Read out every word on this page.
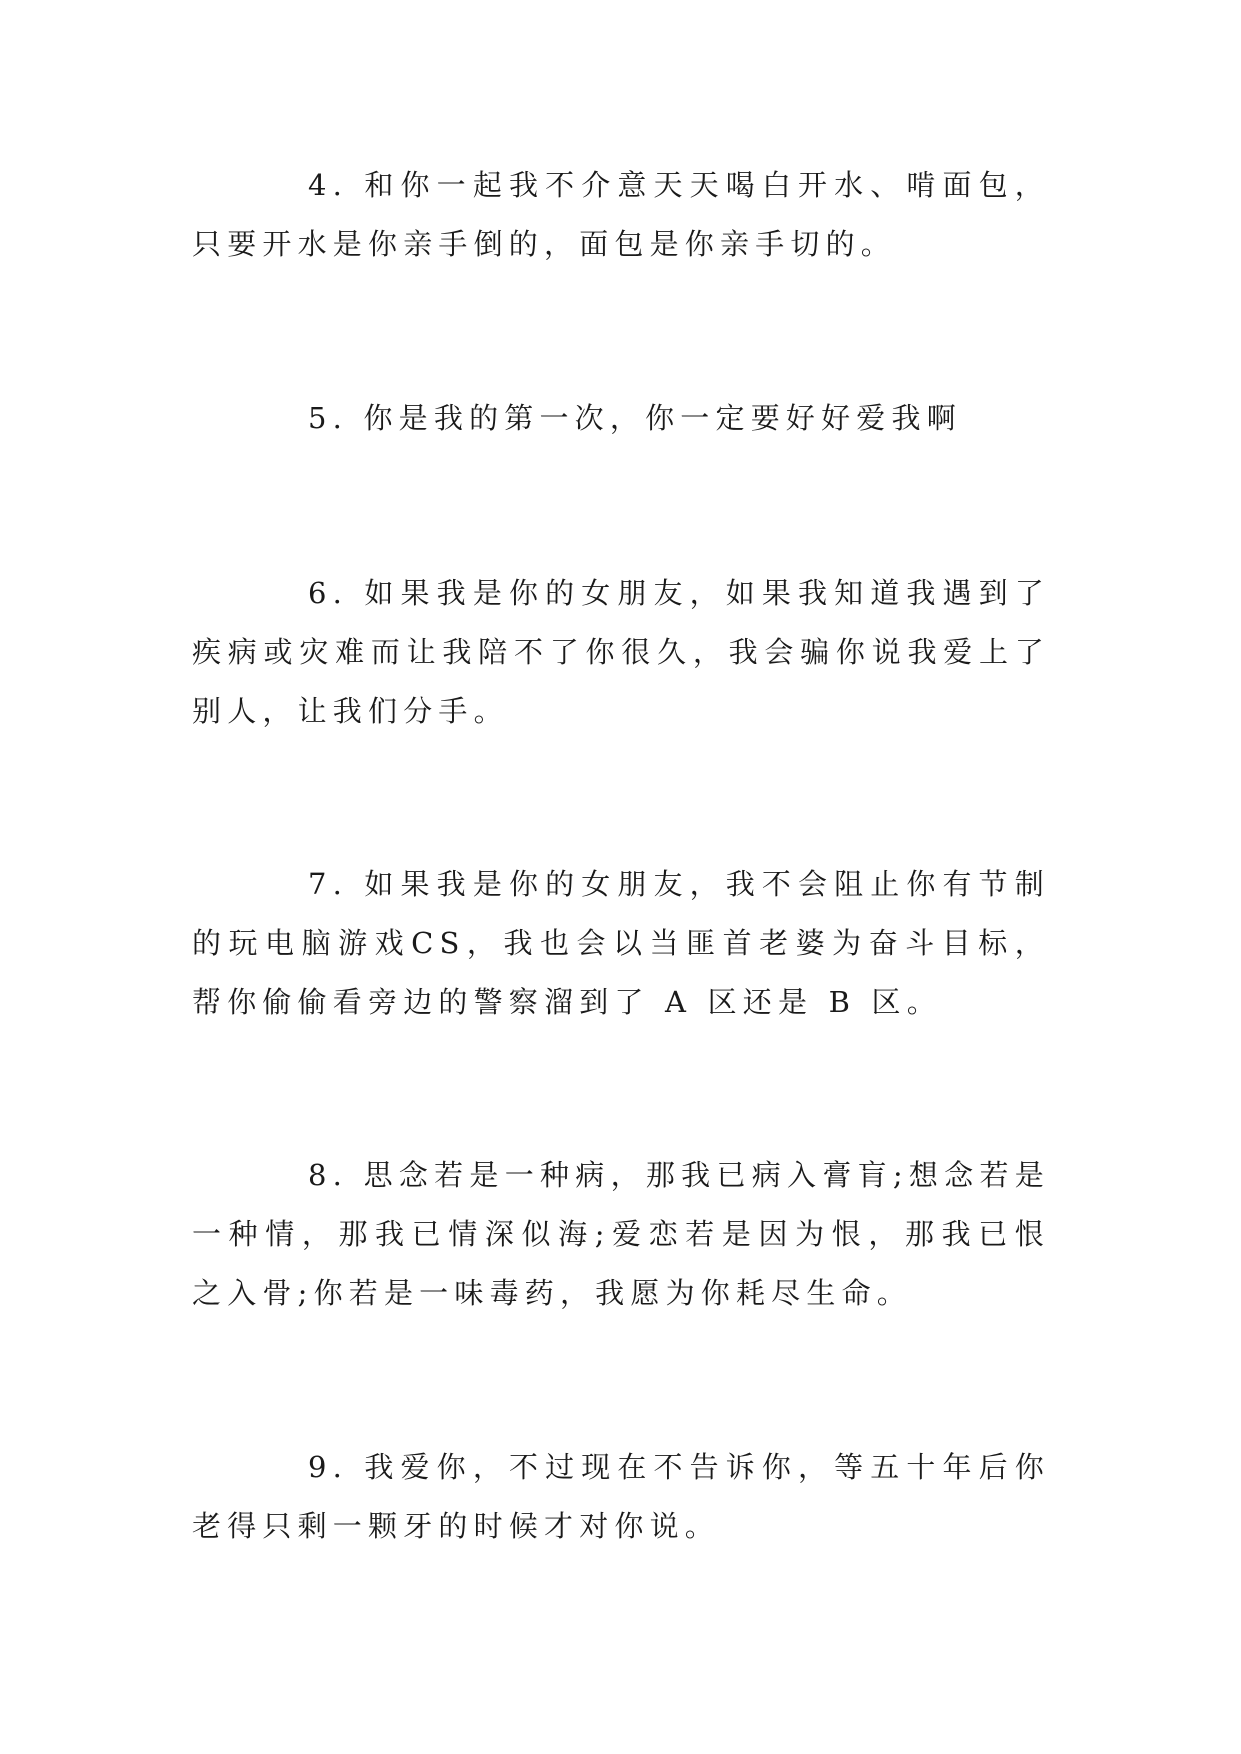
4. 和你一起我不介意天天喝白开水、啃面包，只要开水是你亲手倒的，面包是你亲手切的。

5. 你是我的第一次，你一定要好好爱我啊

6. 如果我是你的女朋友，如果我知道我遇到了疾病或灾难而让我陪不了你很久，我会骗你说我爱上了别人，让我们分手。

7. 如果我是你的女朋友，我不会阻止你有节制的玩电脑游戏CS，我也会以当匪首老婆为奋斗目标，帮你偷偷看旁边的警察溜到了 A 区还是 B 区。

8. 思念若是一种病，那我已病入膏肓;想念若是一种情，那我已情深似海;爱恋若是因为恨，那我已恨之入骨;你若是一味毒药，我愿为你耗尽生命。

9. 我爱你，不过现在不告诉你，等五十年后你老得只剩一颗牙的时候才对你说。
